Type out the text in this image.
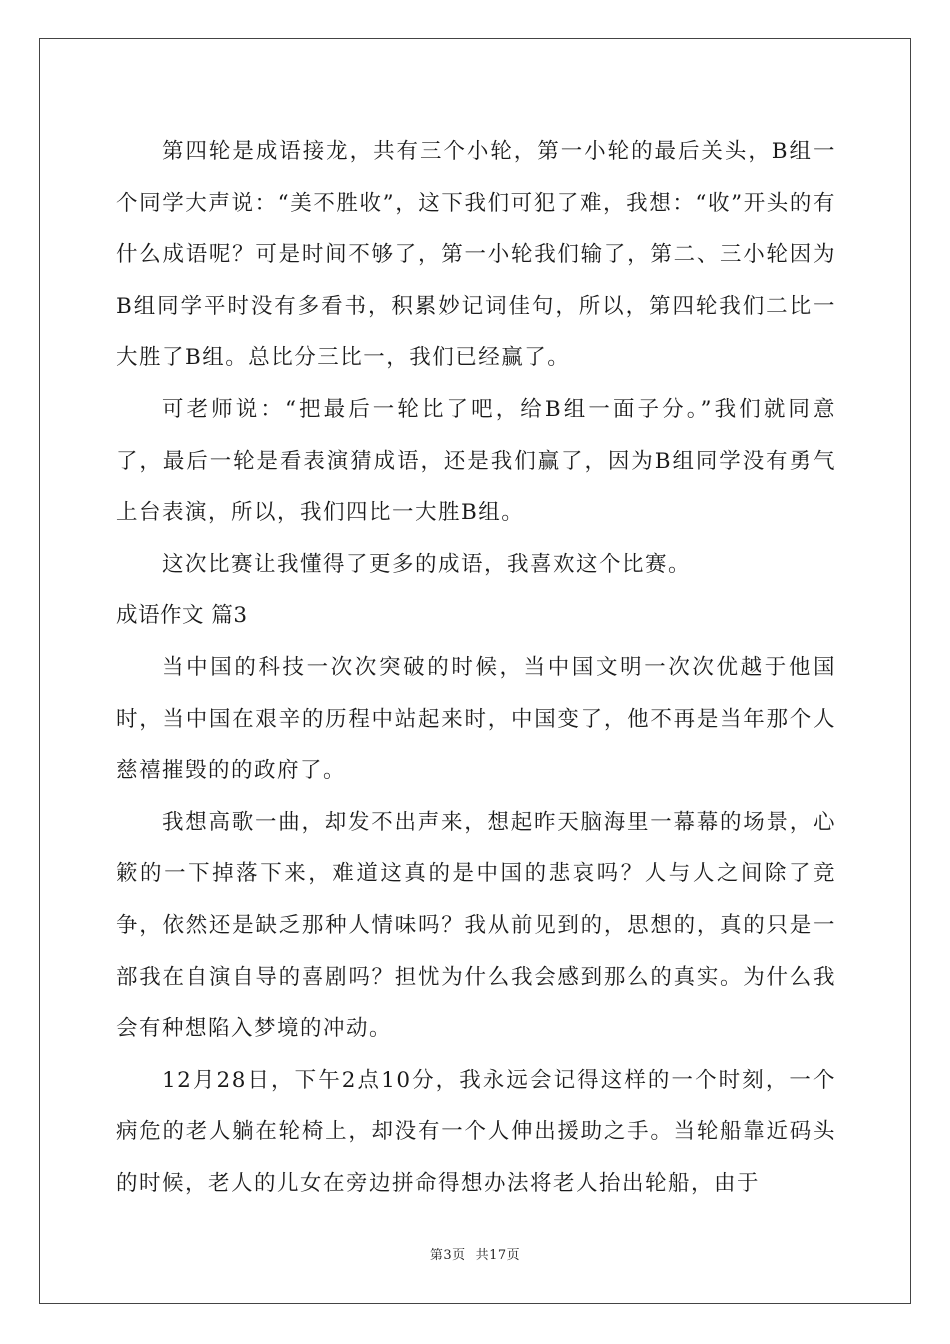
第四轮是成语接龙，共有三个小轮，第一小轮的最后关头，B组一个同学大声说：“美不胜收”，这下我们可犯了难，我想：“收”开头的有什么成语呢？可是时间不够了，第一小轮我们输了，第二、三小轮因为B组同学平时没有多看书，积累妙记词佳句，所以，第四轮我们二比一大胜了B组。总比分三比一，我们已经赢了。

可老师说：“把最后一轮比了吧，给B组一面子分。”我们就同意了，最后一轮是看表演猜成语，还是我们赢了，因为B组同学没有勇气上台表演，所以，我们四比一大胜B组。

这次比赛让我懂得了更多的成语，我喜欢这个比赛。

成语作文 篇3

当中国的科技一次次突破的时候，当中国文明一次次优越于他国时，当中国在艰辛的历程中站起来时，中国变了，他不再是当年那个人慈禧摧毁的的政府了。

我想高歌一曲，却发不出声来，想起昨天脑海里一幕幕的场景，心簌的一下掉落下来，难道这真的是中国的悲哀吗？人与人之间除了竞争，依然还是缺乏那种人情味吗？我从前见到的，思想的，真的只是一部我在自演自导的喜剧吗？担忧为什么我会感到那么的真实。为什么我会有种想陷入梦境的冲动。

12月28日，下午2点10分，我永远会记得这样的一个时刻，一个病危的老人躺在轮椅上，却没有一个人伸出援助之手。当轮船靠近码头的时候，老人的儿女在旁边拼命得想办法将老人抬出轮船，由于

第3页 共17页
